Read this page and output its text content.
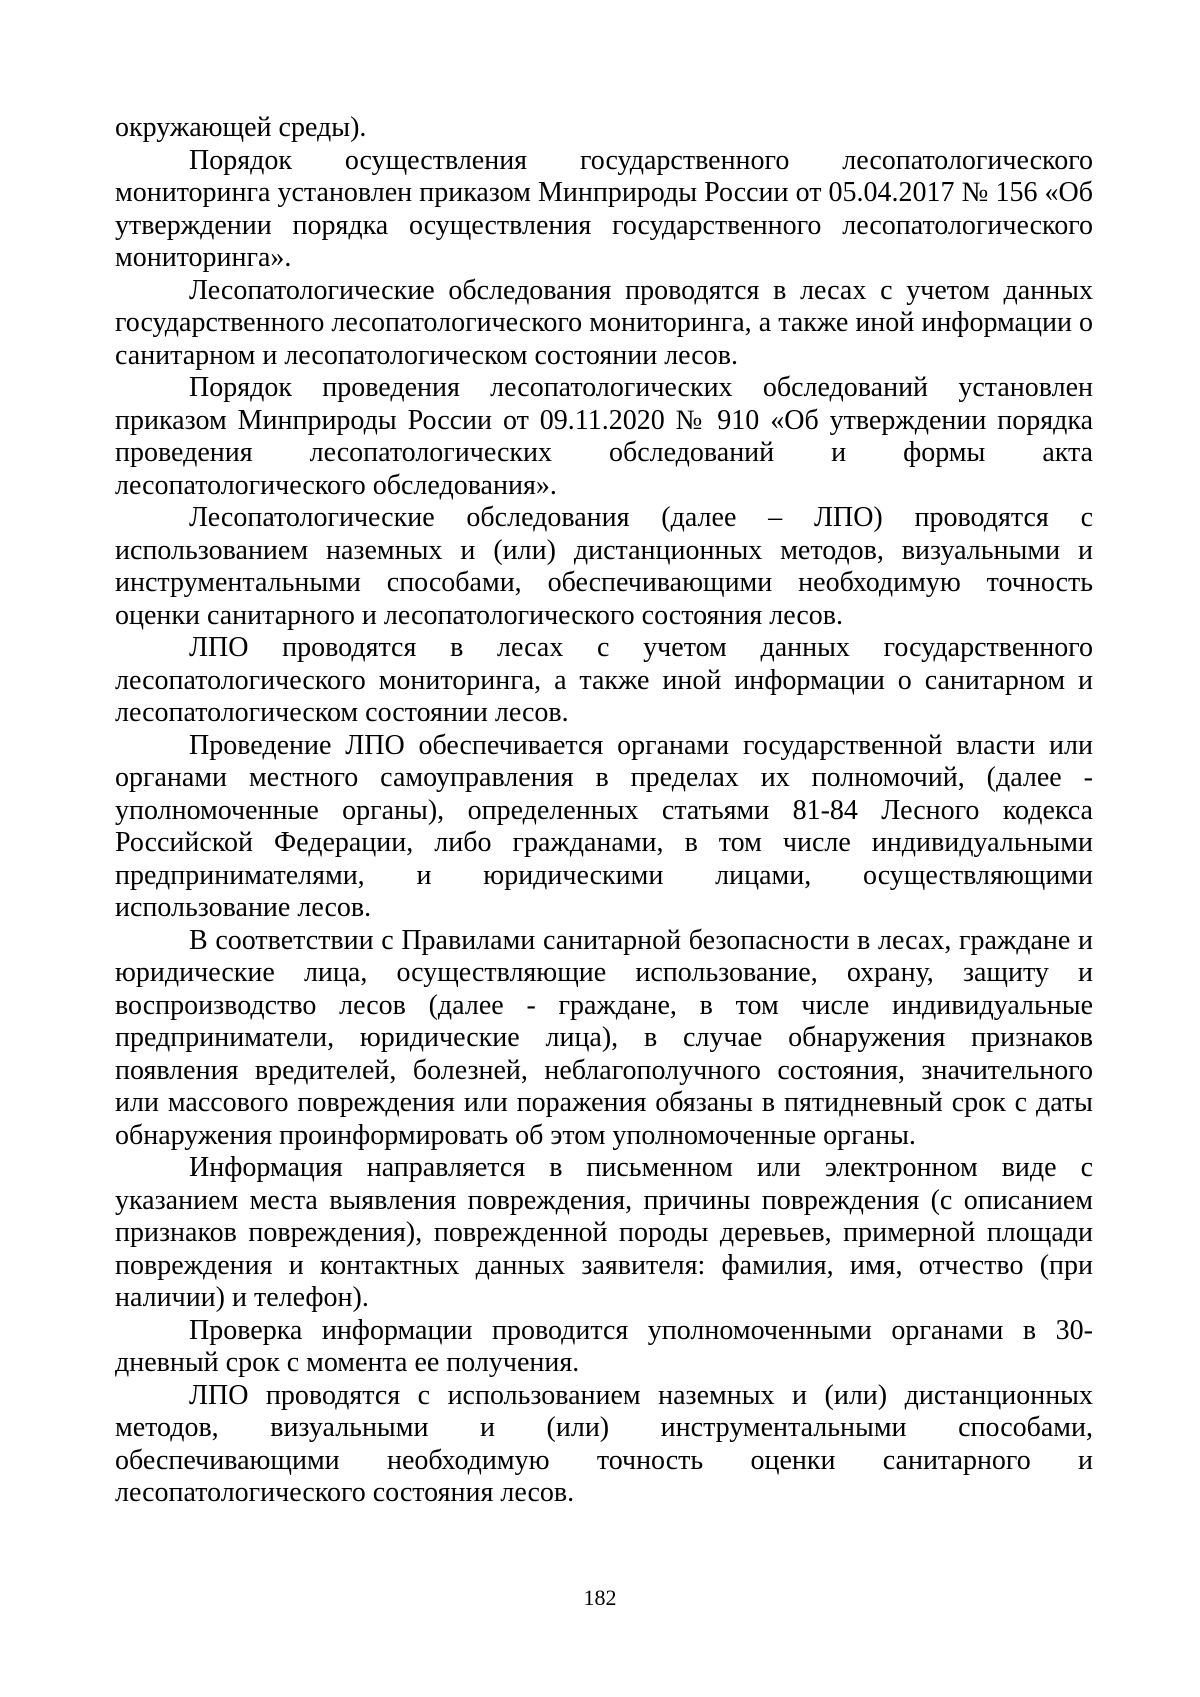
окружающей среды).

Порядок осуществления государственного лесопатологического мониторинга установлен приказом Минприроды России от 05.04.2017 № 156 «Об утверждении порядка осуществления государственного лесопатологического мониторинга».

Лесопатологические обследования проводятся в лесах с учетом данных государственного лесопатологического мониторинга, а также иной информации о санитарном и лесопатологическом состоянии лесов.

Порядок проведения лесопатологических обследований установлен приказом Минприроды России от 09.11.2020 № 910 «Об утверждении порядка проведения лесопатологических обследований и формы акта лесопатологического обследования».

Лесопатологические обследования (далее – ЛПО) проводятся с использованием наземных и (или) дистанционных методов, визуальными и инструментальными способами, обеспечивающими необходимую точность оценки санитарного и лесопатологического состояния лесов.

ЛПО проводятся в лесах с учетом данных государственного лесопатологического мониторинга, а также иной информации о санитарном и лесопатологическом состоянии лесов.

Проведение ЛПО обеспечивается органами государственной власти или органами местного самоуправления в пределах их полномочий, (далее - уполномоченные органы), определенных статьями 81-84 Лесного кодекса Российской Федерации, либо гражданами, в том числе индивидуальными предпринимателями, и юридическими лицами, осуществляющими использование лесов.

В соответствии с Правилами санитарной безопасности в лесах, граждане и юридические лица, осуществляющие использование, охрану, защиту и воспроизводство лесов (далее - граждане, в том числе индивидуальные предприниматели, юридические лица), в случае обнаружения признаков появления вредителей, болезней, неблагополучного состояния, значительного или массового повреждения или поражения обязаны в пятидневный срок с даты обнаружения проинформировать об этом уполномоченные органы.

Информация направляется в письменном или электронном виде с указанием места выявления повреждения, причины повреждения (с описанием признаков повреждения), поврежденной породы деревьев, примерной площади повреждения и контактных данных заявителя: фамилия, имя, отчество (при наличии) и телефон).

Проверка информации проводится уполномоченными органами в 30-дневный срок с момента ее получения.

ЛПО проводятся с использованием наземных и (или) дистанционных методов, визуальными и (или) инструментальными способами, обеспечивающими необходимую точность оценки санитарного и лесопатологического состояния лесов.

182
